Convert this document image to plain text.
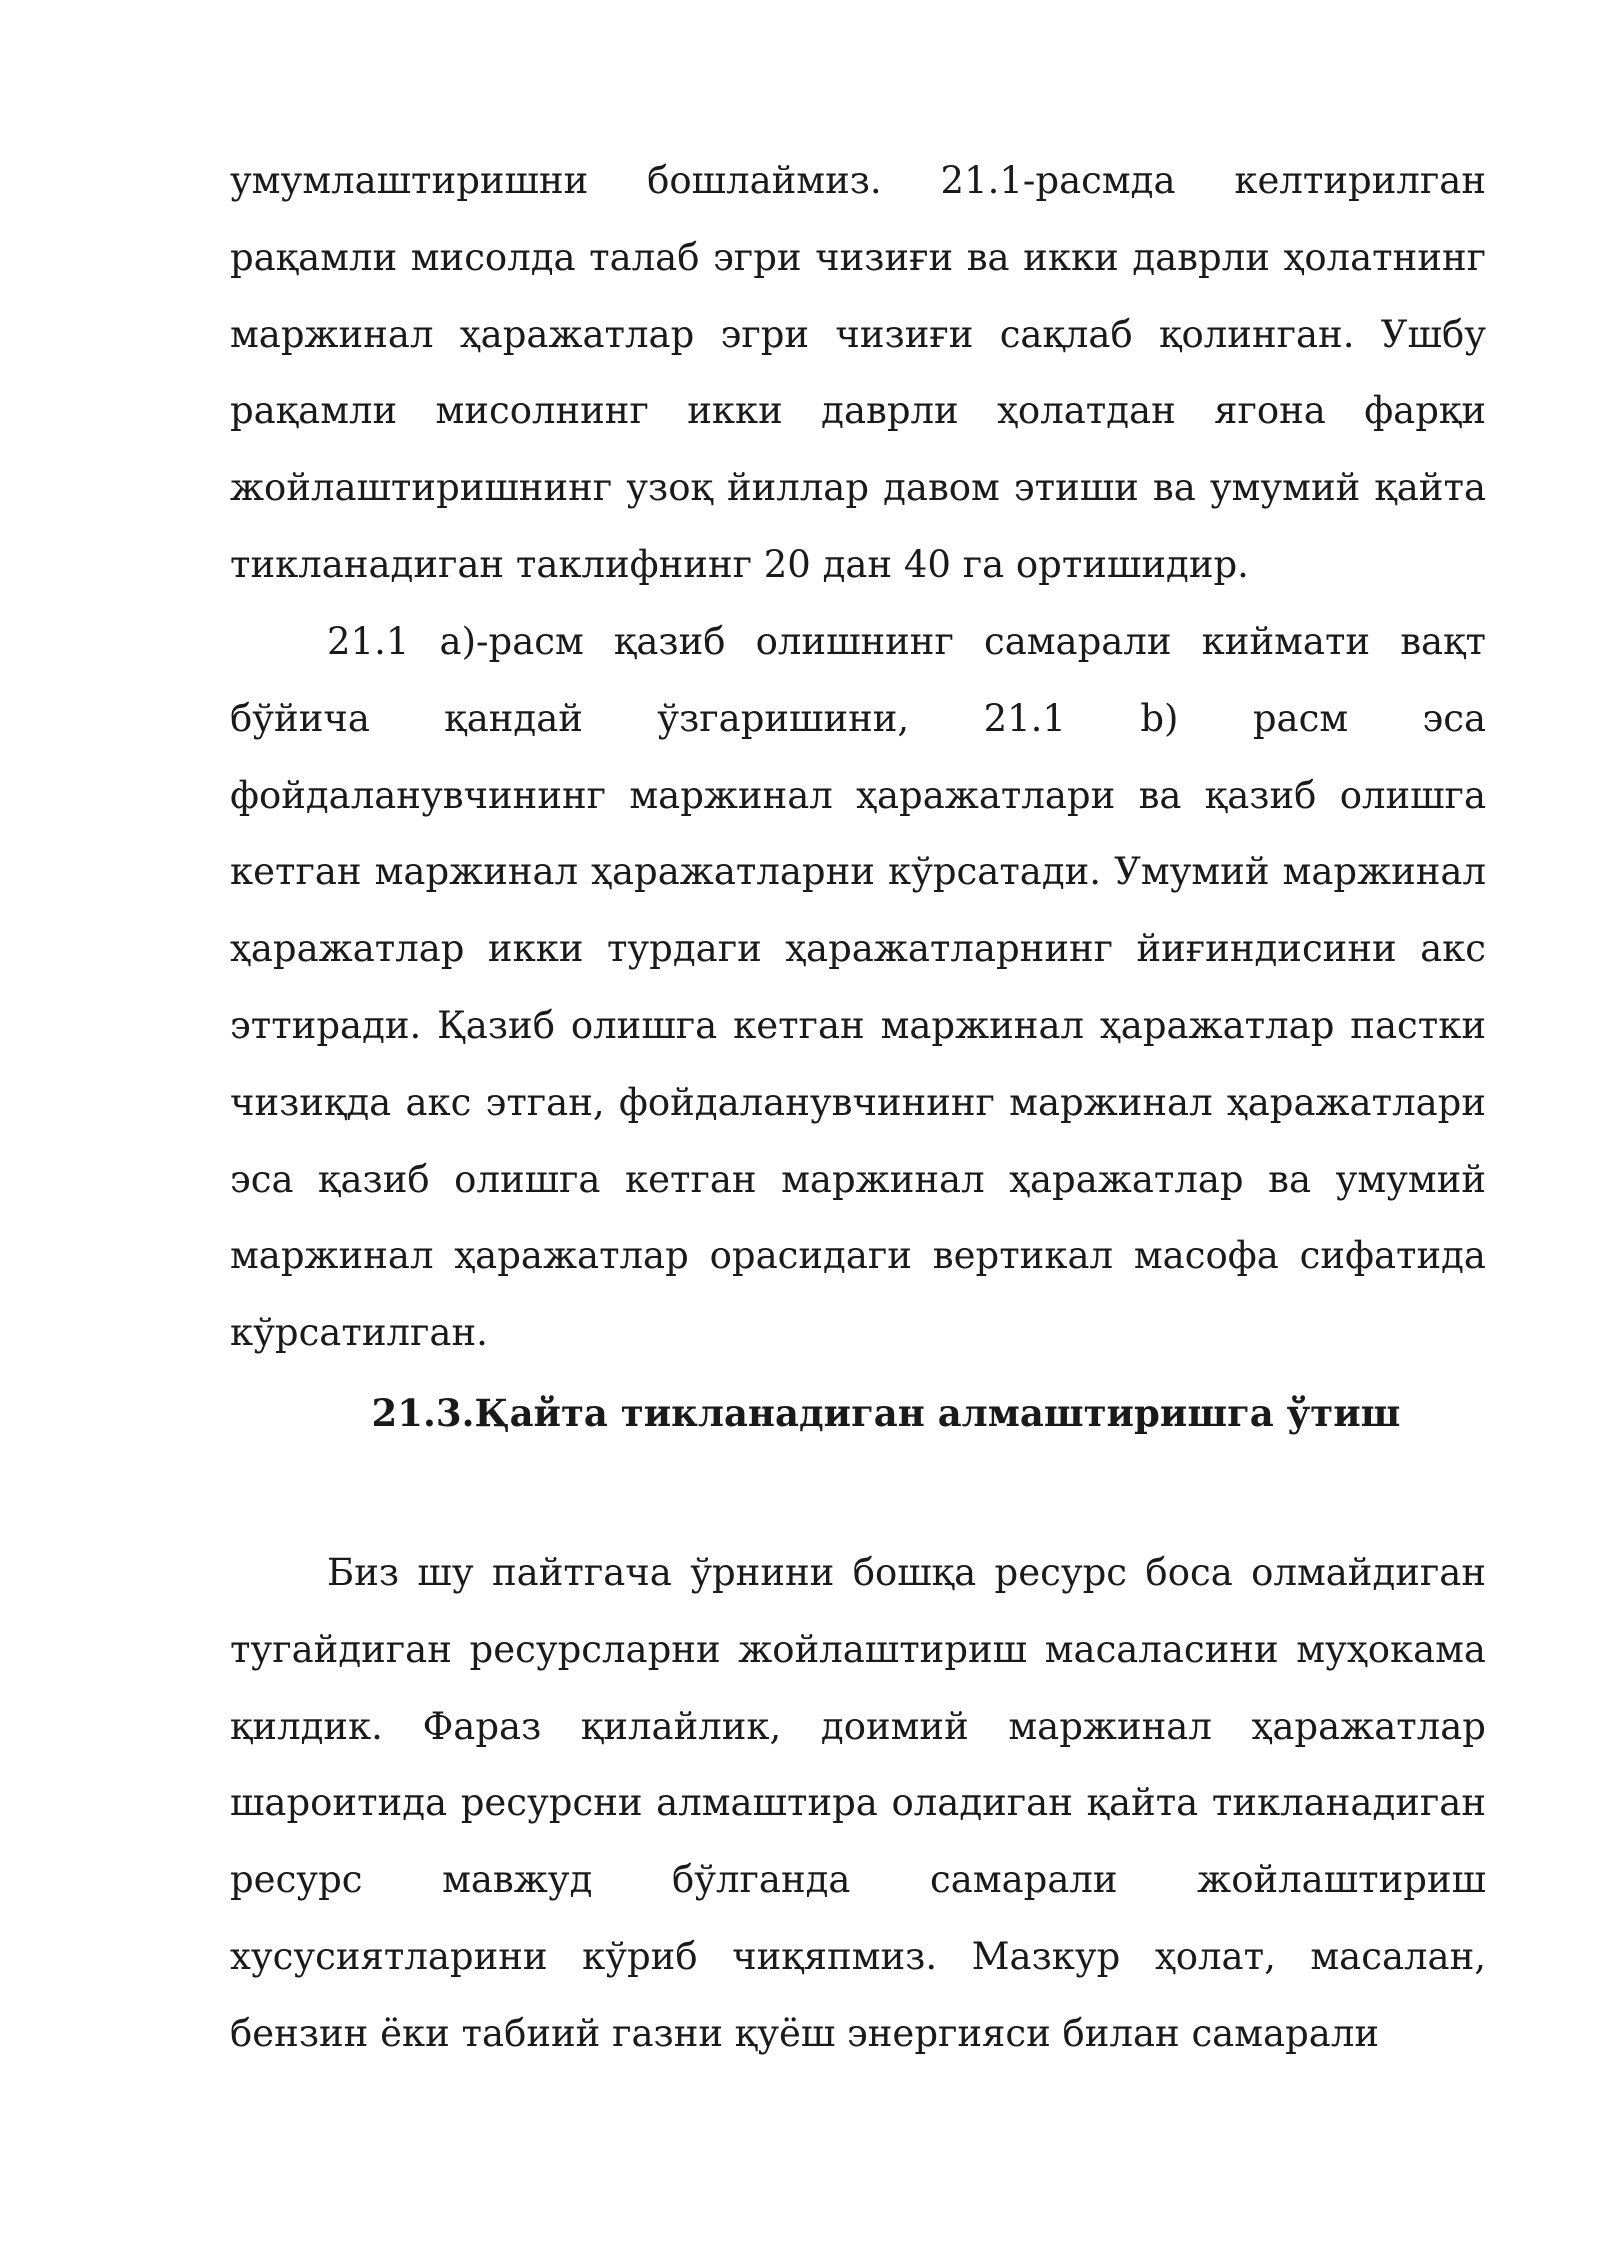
умумлаштиришни бошлаймиз. 21.1-расмда келтирилган рақамли мисолда талаб эгри чизиғи ва икки даврли ҳолатнинг маржинал ҳаражатлар эгри чизиғи сақлаб қолинган. Ушбу рақамли мисолнинг икки даврли ҳолатдан ягона фарқи жойлаштиришнинг узоқ йиллар давом этиши ва умумий қайта тикланадиган таклифнинг 20 дан 40 га ортишидир.

21.1 а)-расм қазиб олишнинг самарали киймати вақт бўйича қандай ўзгаришини, 21.1 b) расм эса фойдаланувчининг маржинал ҳаражатлари ва қазиб олишга кетган маржинал ҳаражатларни кўрсатади. Умумий маржинал ҳаражатлар икки турдаги ҳаражатларнинг йиғиндисини акс эттиради. Қазиб олишга кетган маржинал ҳаражатлар пастки чизиқда акс этган, фойдаланувчининг маржинал ҳаражатлари эса қазиб олишга кетган маржинал ҳаражатлар ва умумий маржинал ҳаражатлар орасидаги вертикал масофа сифатида кўрсатилган.

21.3.Қайта тикланадиган алмаштиришга ўтиш

Биз шу пайтгача ўрнини бошқа ресурс боса олмайдиган тугайдиган ресурсларни жойлаштириш масаласини муҳокама қилдик. Фараз қилайлик, доимий маржинал ҳаражатлар шароитида ресурсни алмаштира оладиган қайта тикланадиган ресурс мавжуд бўлганда самарали жойлаштириш хусусиятларини кўриб чиқяпмиз. Мазкур ҳолат, масалан, бензин ёки табиий газни қуёш энергияси билан самарали
